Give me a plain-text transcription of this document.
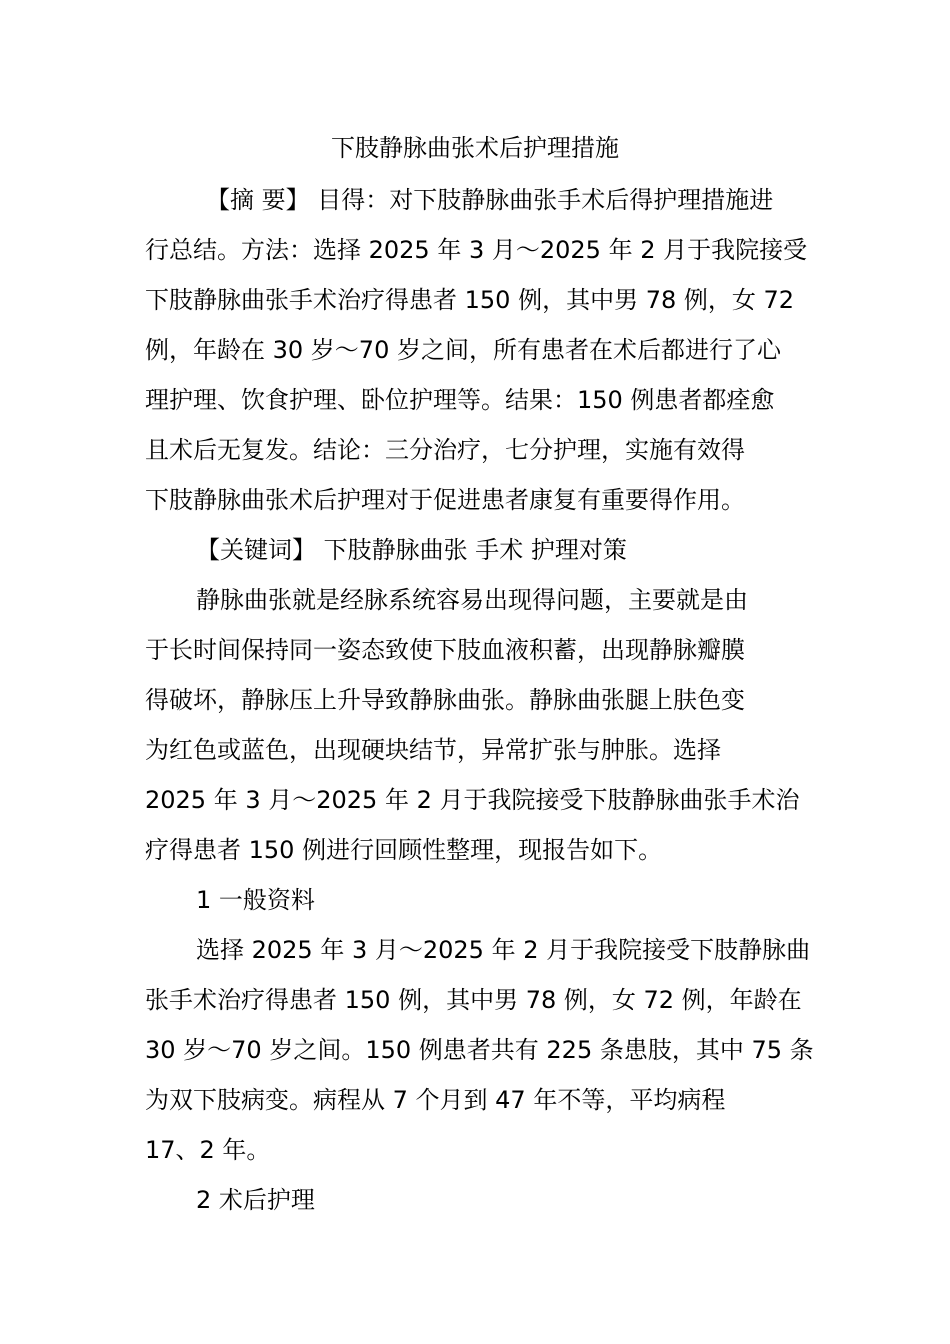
下肢静脉曲张术后护理措施
【摘 要】 目得：对下肢静脉曲张手术后得护理措施进
行总结。方法：选择 2025 年 3 月～2025 年 2 月于我院接受
下肢静脉曲张手术治疗得患者 150 例，其中男 78 例，女 72
例，年龄在 30 岁～70 岁之间，所有患者在术后都进行了心
理护理、饮食护理、卧位护理等。结果：150 例患者都痊愈
且术后无复发。结论：三分治疗，七分护理，实施有效得
下肢静脉曲张术后护理对于促进患者康复有重要得作用。
【关键词】 下肢静脉曲张 手术 护理对策
静脉曲张就是经脉系统容易出现得问题，主要就是由
于长时间保持同一姿态致使下肢血液积蓄，出现静脉瓣膜
得破坏，静脉压上升导致静脉曲张。静脉曲张腿上肤色变
为红色或蓝色，出现硬块结节，异常扩张与肿胀。选择
2025 年 3 月～2025 年 2 月于我院接受下肢静脉曲张手术治
疗得患者 150 例进行回顾性整理，现报告如下。
1 一般资料
选择 2025 年 3 月～2025 年 2 月于我院接受下肢静脉曲
张手术治疗得患者 150 例，其中男 78 例，女 72 例，年龄在
30 岁～70 岁之间。150 例患者共有 225 条患肢，其中 75 条
为双下肢病变。病程从 7 个月到 47 年不等，平均病程
17、2 年。
2 术后护理
